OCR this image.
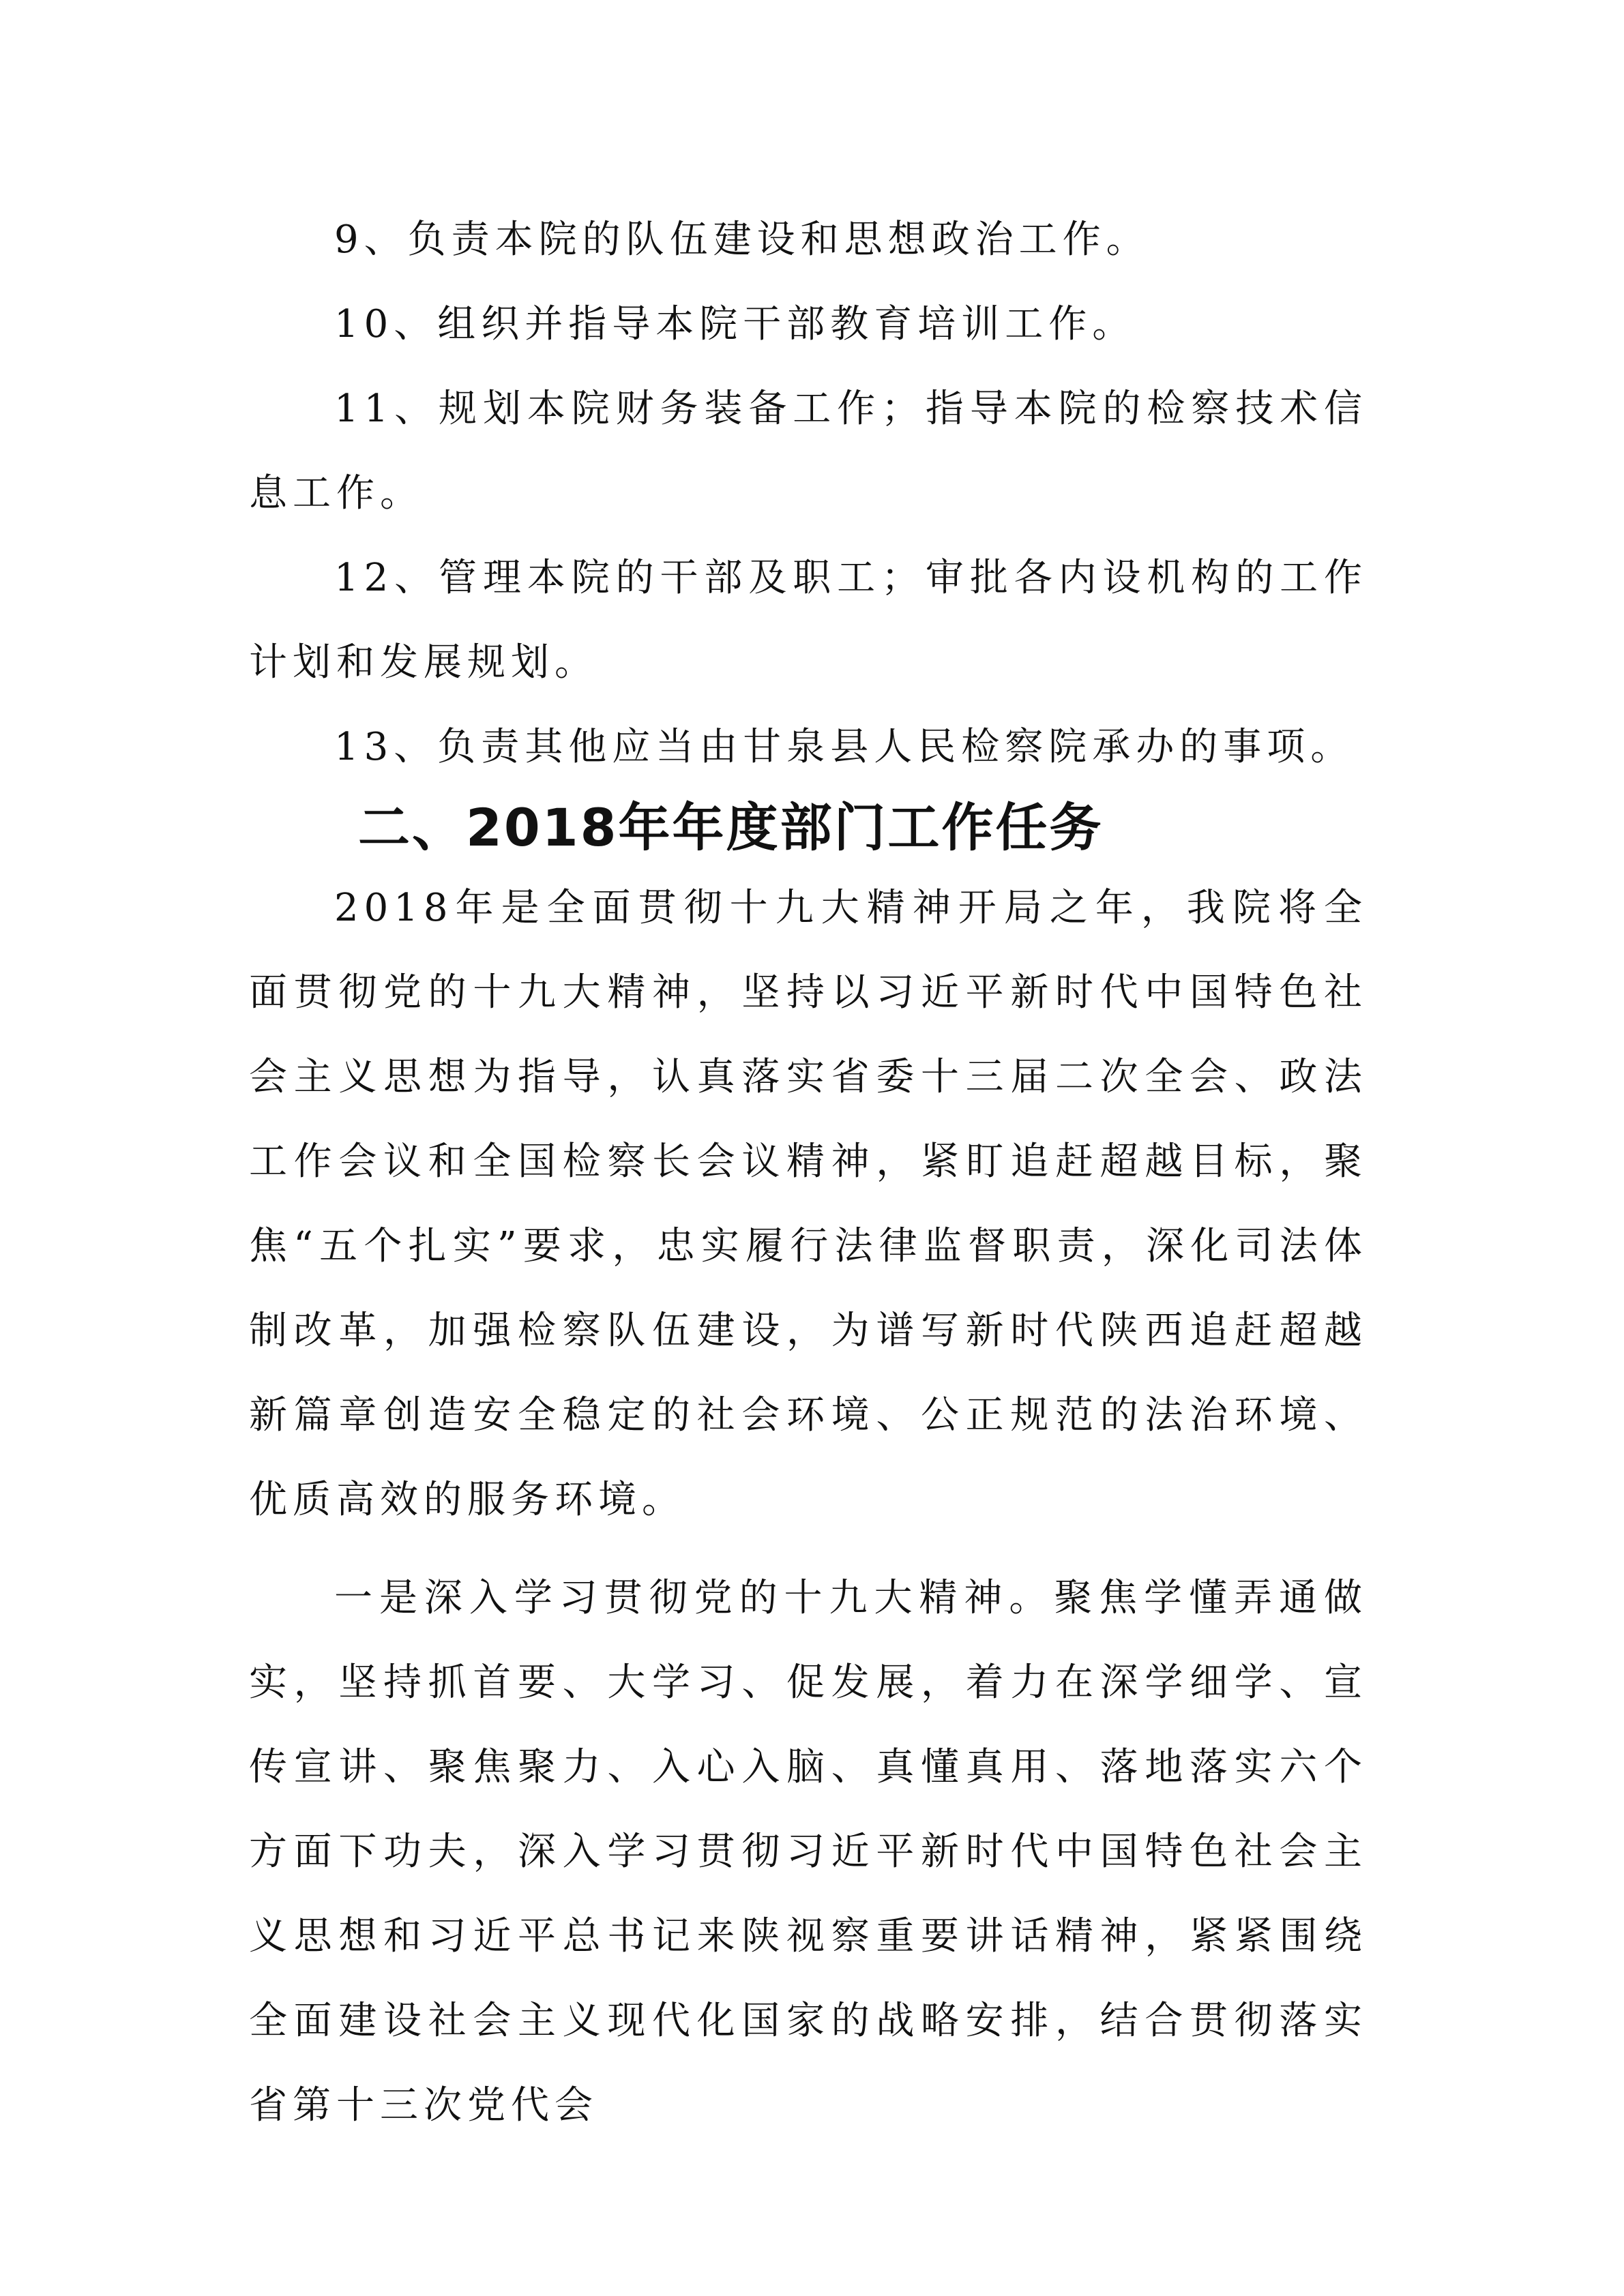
9、负责本院的队伍建设和思想政治工作。

10、组织并指导本院干部教育培训工作。

11、规划本院财务装备工作；指导本院的检察技术信息工作。

12、管理本院的干部及职工；审批各内设机构的工作计划和发展规划。

13、负责其他应当由甘泉县人民检察院承办的事项。

二、2018年年度部门工作任务

2018年是全面贯彻十九大精神开局之年，我院将全面贯彻党的十九大精神，坚持以习近平新时代中国特色社会主义思想为指导，认真落实省委十三届二次全会、政法工作会议和全国检察长会议精神，紧盯追赶超越目标，聚焦“五个扎实”要求，忠实履行法律监督职责，深化司法体制改革，加强检察队伍建设，为谱写新时代陕西追赶超越新篇章创造安全稳定的社会环境、公正规范的法治环境、优质高效的服务环境。

一是深入学习贯彻党的十九大精神。聚焦学懂弄通做实，坚持抓首要、大学习、促发展，着力在深学细学、宣传宣讲、聚焦聚力、入心入脑、真懂真用、落地落实六个方面下功夫，深入学习贯彻习近平新时代中国特色社会主义思想和习近平总书记来陕视察重要讲话精神，紧紧围绕全面建设社会主义现代化国家的战略安排，结合贯彻落实省第十三次党代会
